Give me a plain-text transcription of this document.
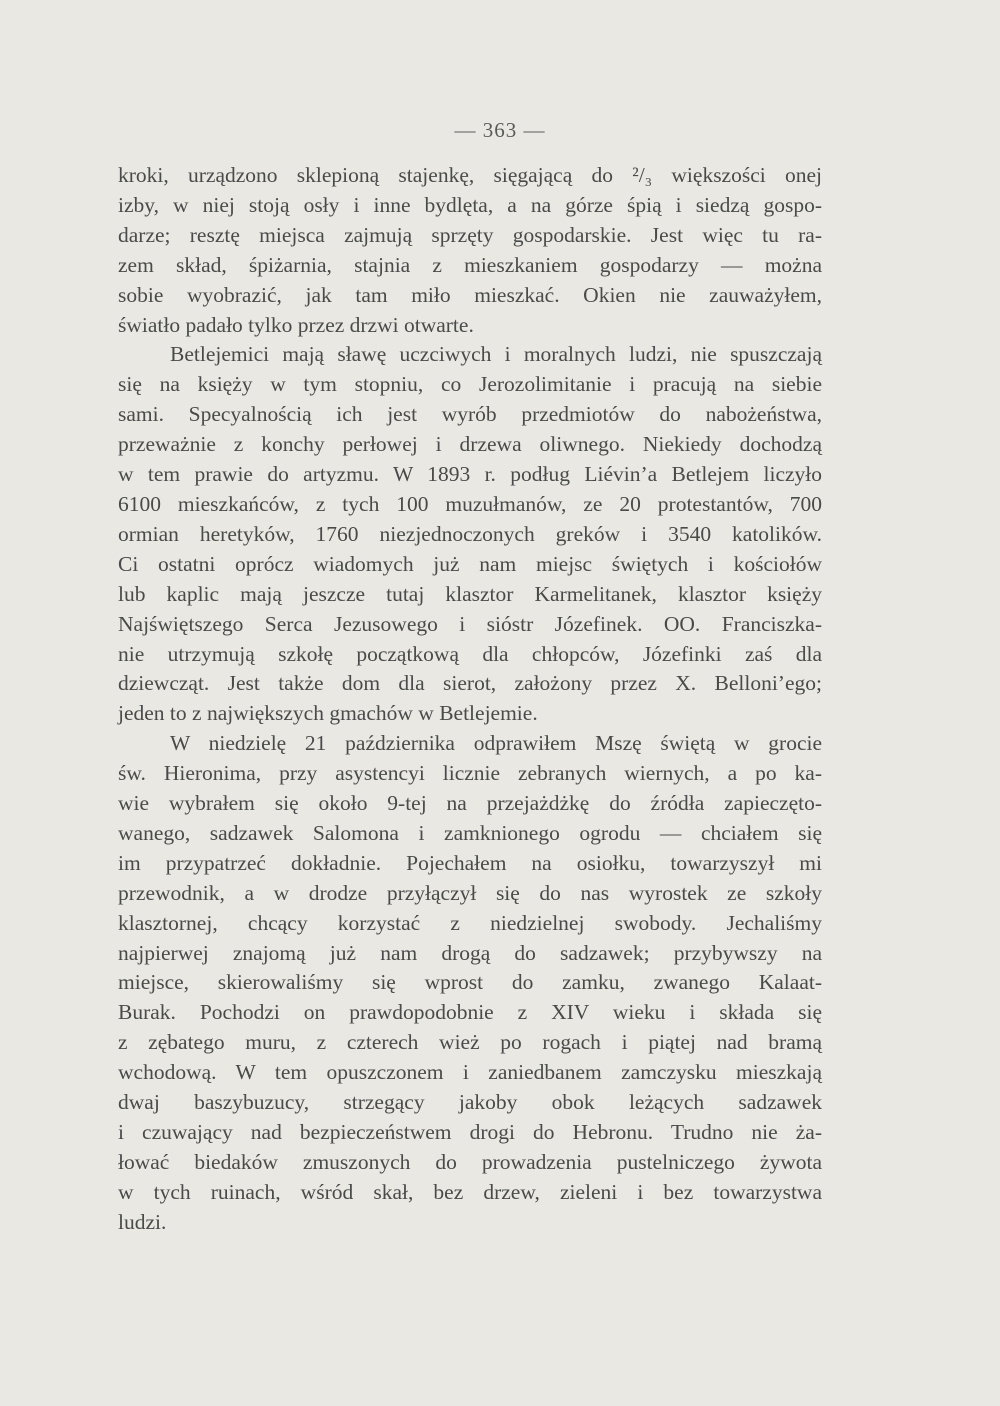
— 363 —
kroki, urządzono sklepioną stajenkę, sięgającą do ²/₃ większości onej
izby, w niej stoją osły i inne bydlęta, a na górze śpią i siedzą gospo-
darze; resztę miejsca zajmują sprzęty gospodarskie. Jest więc tu ra-
zem skład, śpiżarnia, stajnia z mieszkaniem gospodarzy — można
sobie wyobrazić, jak tam miło mieszkać. Okien nie zauważyłem,
światło padało tylko przez drzwi otwarte.
Betlejemici mają sławę uczciwych i moralnych ludzi, nie spuszczają
się na księży w tym stopniu, co Jerozolimitanie i pracują na siebie
sami. Specyalnością ich jest wyrób przedmiotów do nabożeństwa,
przeważnie z konchy perłowej i drzewa oliwnego. Niekiedy dochodzą
w tem prawie do artyzmu. W 1893 r. podług Liévin’a Betlejem liczyło
6100 mieszkańców, z tych 100 muzułmanów, ze 20 protestantów, 700
ormian heretyków, 1760 niezjednoczonych greków i 3540 katolików.
Ci ostatni oprócz wiadomych już nam miejsc świętych i kościołów
lub kaplic mają jeszcze tutaj klasztor Karmelitanek, klasztor księży
Najświętszego Serca Jezusowego i sióstr Józefinek. OO. Franciszka-
nie utrzymują szkołę początkową dla chłopców, Józefinki zaś dla
dziewcząt. Jest także dom dla sierot, założony przez X. Belloni’ego;
jeden to z największych gmachów w Betlejemie.
W niedzielę 21 października odprawiłem Mszę świętą w grocie
św. Hieronima, przy asystencyi licznie zebranych wiernych, a po ka-
wie wybrałem się około 9-tej na przejażdżkę do źródła zapieczęto-
wanego, sadzawek Salomona i zamknionego ogrodu — chciałem się
im przypatrzeć dokładnie. Pojechałem na osiołku, towarzyszył mi
przewodnik, a w drodze przyłączył się do nas wyrostek ze szkoły
klasztornej, chcący korzystać z niedzielnej swobody. Jechaliśmy
najpierwej znajomą już nam drogą do sadzawek; przybywszy na
miejsce, skierowaliśmy się wprost do zamku, zwanego Kalaat-
Burak. Pochodzi on prawdopodobnie z XIV wieku i składa się
z zębatego muru, z czterech wież po rogach i piątej nad bramą
wchodową. W tem opuszczonem i zaniedbanem zamczysku mieszkają
dwaj baszybuzucy, strzegący jakoby obok leżących sadzawek
i czuwający nad bezpieczeństwem drogi do Hebronu. Trudno nie ża-
łować biedaków zmuszonych do prowadzenia pustelniczego żywota
w tych ruinach, wśród skał, bez drzew, zieleni i bez towarzystwa
ludzi.
